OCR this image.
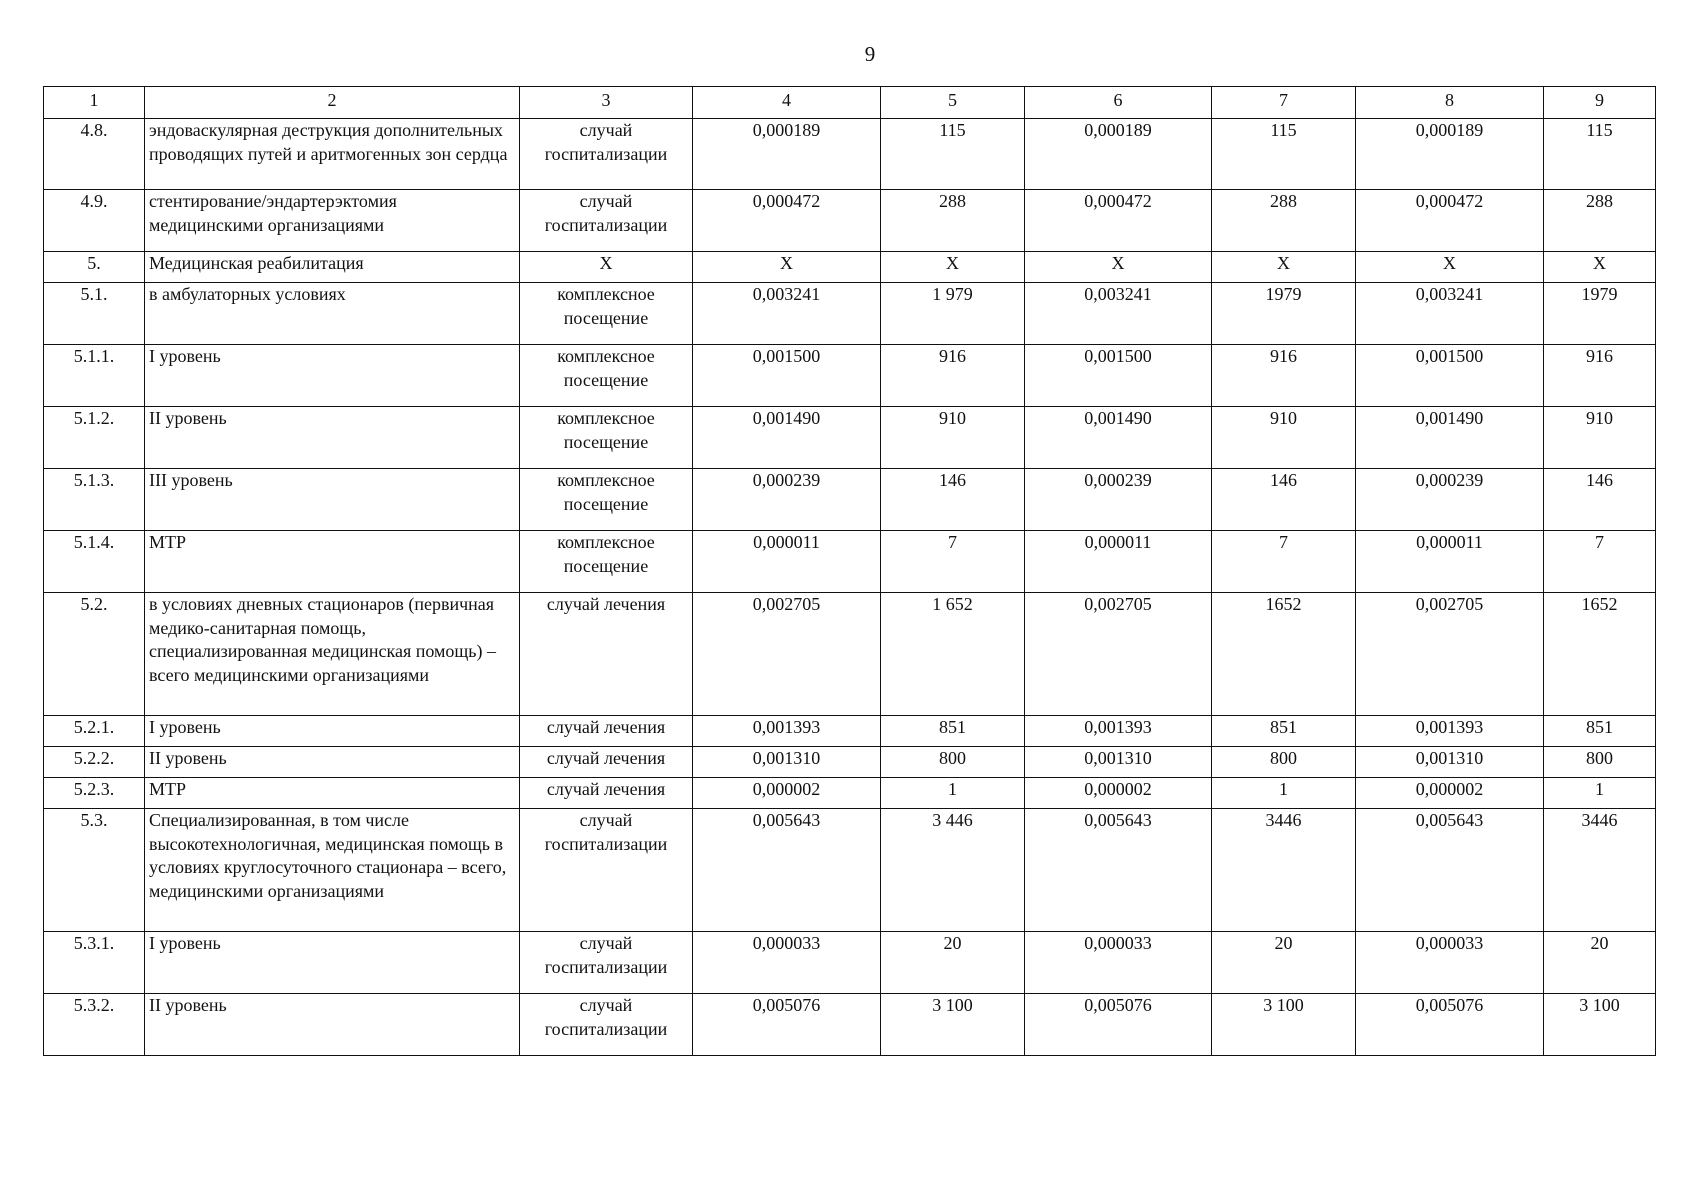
9
1	2	3	4	5	6	7	8	9
4.8.	эндоваскулярная деструкция дополнительных проводящих путей и аритмогенных зон сердца	случай госпитализации	0,000189	115	0,000189	115	0,000189	115
4.9.	стентирование/эндартерэктомия медицинскими организациями	случай госпитализации	0,000472	288	0,000472	288	0,000472	288
5.	Медицинская реабилитация	Х	Х	Х	Х	Х	Х	Х
5.1.	в амбулаторных условиях	комплексное посещение	0,003241	1 979	0,003241	1979	0,003241	1979
5.1.1.	I уровень	комплексное посещение	0,001500	916	0,001500	916	0,001500	916
5.1.2.	II уровень	комплексное посещение	0,001490	910	0,001490	910	0,001490	910
5.1.3.	III уровень	комплексное посещение	0,000239	146	0,000239	146	0,000239	146
5.1.4.	МТР	комплексное посещение	0,000011	7	0,000011	7	0,000011	7
5.2.	в условиях дневных стационаров (первичная медико-санитарная помощь, специализированная медицинская помощь) – всего медицинскими организациями	случай лечения	0,002705	1 652	0,002705	1652	0,002705	1652
5.2.1.	I уровень	случай лечения	0,001393	851	0,001393	851	0,001393	851
5.2.2.	II уровень	случай лечения	0,001310	800	0,001310	800	0,001310	800
5.2.3.	МТР	случай лечения	0,000002	1	0,000002	1	0,000002	1
5.3.	Специализированная, в том числе высокотехнологичная, медицинская помощь в условиях круглосуточного стационара – всего, медицинскими организациями	случай госпитализации	0,005643	3 446	0,005643	3446	0,005643	3446
5.3.1.	I уровень	случай госпитализации	0,000033	20	0,000033	20	0,000033	20
5.3.2.	II уровень	случай госпитализации	0,005076	3 100	0,005076	3 100	0,005076	3 100
